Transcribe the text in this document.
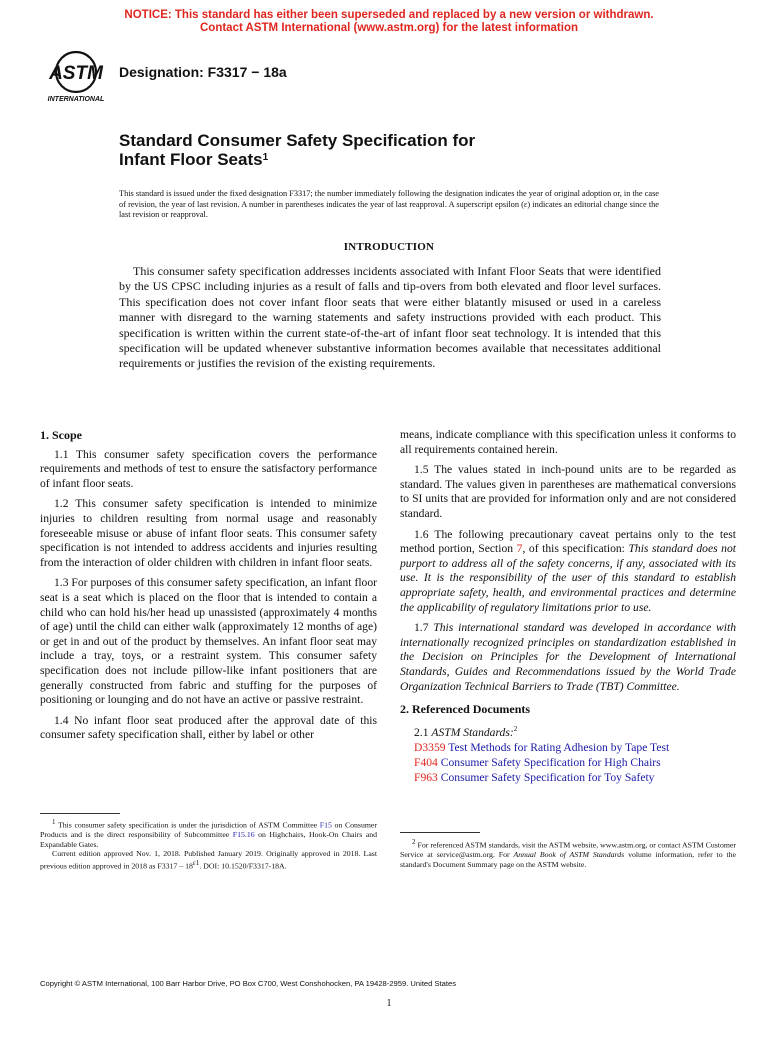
NOTICE: This standard has either been superseded and replaced by a new version or withdrawn.
Contact ASTM International (www.astm.org) for the latest information
ASTM
INTERNATIONAL
Designation: F3317 − 18a
Standard Consumer Safety Specification for
Infant Floor Seats$^1$
This standard is issued under the fixed designation F3317; the number immediately following the designation indicates the year of original adoption or, in the case of revision, the year of last revision. A number in parentheses indicates the year of last reapproval. A superscript epsilon (ε) indicates an editorial change since the last revision or reapproval.
INTRODUCTION

This consumer safety specification addresses incidents associated with Infant Floor Seats that were identified by the US CPSC including injuries as a result of falls and tip-overs from both elevated and floor level surfaces. This specification does not cover infant floor seats that were either blatantly misused or used in a careless manner with disregard to the warning statements and safety instructions provided with each product. This specification is written within the current state-of-the-art of infant floor seat technology. It is intended that this specification will be updated whenever substantive information becomes available that necessitates additional requirements or justifies the revision of the existing requirements.

1. Scope

1.1 This consumer safety specification covers the performance requirements and methods of test to ensure the satisfactory performance of infant floor seats.

1.2 This consumer safety specification is intended to minimize injuries to children resulting from normal usage and reasonably foreseeable misuse or abuse of infant floor seats. This consumer safety specification is not intended to address accidents and injuries resulting from the interaction of older children with children in infant floor seats.

1.3 For purposes of this consumer safety specification, an infant floor seat is a seat which is placed on the floor that is intended to contain a child who can hold his/her head up unassisted (approximately 4 months of age) until the child can either walk (approximately 12 months of age) or get in and out of the product by themselves. An infant floor seat may include a tray, toys, or a restraint system. This consumer safety specification does not include pillow-like infant positioners that are generally constructed from fabric and stuffing for the purposes of positioning or lounging and do not have an active or passive restraint.

1.4 No infant floor seat produced after the approval date of this consumer safety specification shall, either by label or other

means, indicate compliance with this specification unless it conforms to all requirements contained herein.

1.5 The values stated in inch-pound units are to be regarded as standard. The values given in parentheses are mathematical conversions to SI units that are provided for information only and are not considered standard.

1.6 The following precautionary caveat pertains only to the test method portion, Section 7, of this specification: This standard does not purport to address all of the safety concerns, if any, associated with its use. It is the responsibility of the user of this standard to establish appropriate safety, health, and environmental practices and determine the applicability of regulatory limitations prior to use.

1.7 This international standard was developed in accordance with internationally recognized principles on standardization established in the Decision on Principles for the Development of International Standards, Guides and Recommendations issued by the World Trade Organization Technical Barriers to Trade (TBT) Committee.

2. Referenced Documents
2.1 ASTM Standards:$^2$
D3359 Test Methods for Rating Adhesion by Tape Test
F404 Consumer Safety Specification for High Chairs
F963 Consumer Safety Specification for Toy Safety

$^1$ This consumer safety specification is under the jurisdiction of ASTM Committee F15 on Consumer Products and is the direct responsibility of Subcommittee F15.16 on Highchairs, Hook-On Chairs and Expandable Gates.

Current edition approved Nov. 1, 2018. Published January 2019. Originally approved in 2018. Last previous edition approved in 2018 as $F3317 - 18^{\varepsilon 1}$. DOI: 10.1520/F3317-18A.

$^2$ For referenced ASTM standards, visit the ASTM website, www.astm.org, or contact ASTM Customer Service at service@astm.org. For Annual Book of ASTM Standards volume information, refer to the standard's Document Summary page on the ASTM website.

Copyright © ASTM International, 100 Barr Harbor Drive, PO Box C700, West Conshohocken, PA 19428-2959. United States
1
